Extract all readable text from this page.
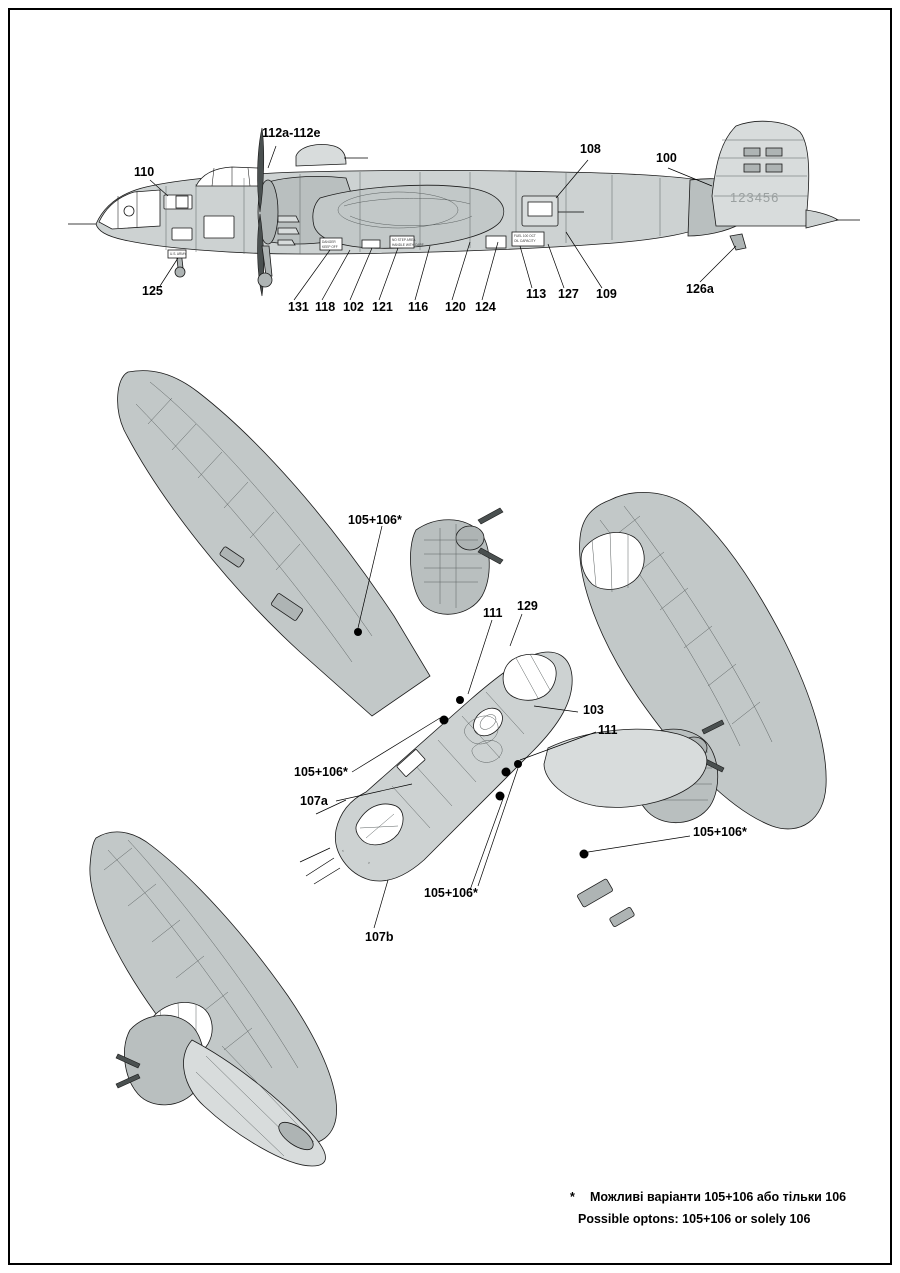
123456
DANGER
KEEP OFF
NO STEP AREA
HANDLE WITH CARE
FUEL 100 OCT
OIL CAPACITY
U.S. ARMY
<
>
110
112a-112e
108
100
125
131 118 102 121 116 120 124
113 127 109	126a
105+106*
111 129
103
111
105+106*
107a
105+106*
105+106*
107b
* Можливі варіанти 105+106 або тільки 106
Possible optons: 105+106 or solely 106
